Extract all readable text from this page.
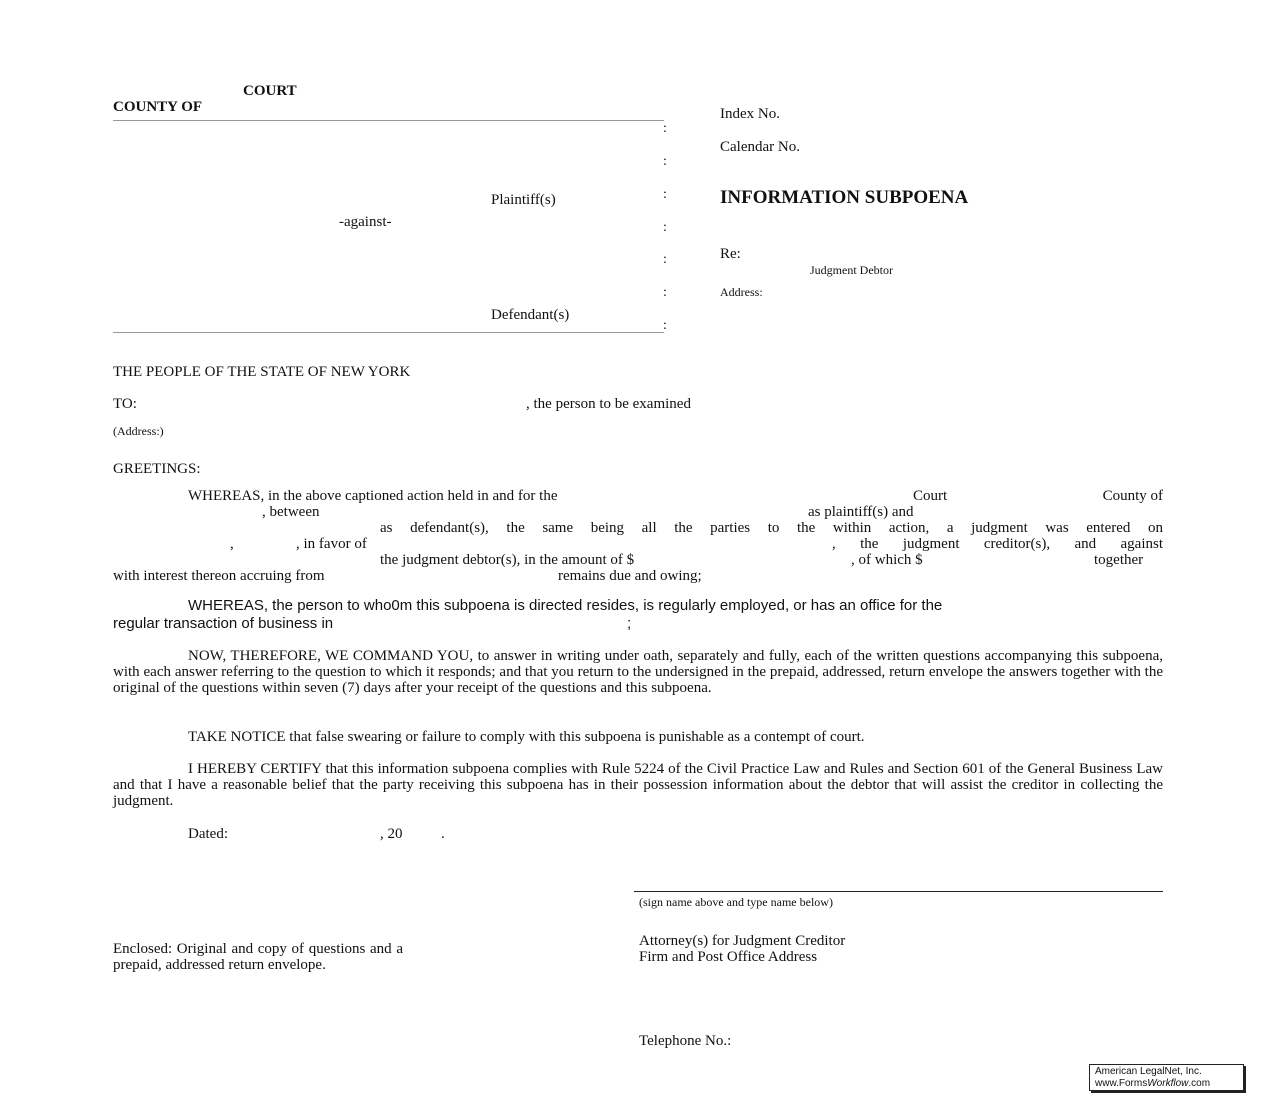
COURT
COUNTY OF
:
:
:
:
:
:
:
Plaintiff(s)
-against-
Defendant(s)
Index No.
Calendar No.
INFORMATION SUBPOENA
Re:
Judgment Debtor
Address:
THE PEOPLE OF THE STATE OF NEW YORK
TO:	, the person to be examined
(Address:)
GREETINGS:
WHEREAS, in the above captioned action held in and for the	Court	County of
, between	as plaintiff(s) and
as defendant(s), the same being all the parties to the within action, a judgment was entered on
,	, in favor of	, the judgment creditor(s), and against
the judgment debtor(s), in the amount of $	, of which $	together
with interest thereon accruing from	remains due and owing;
WHEREAS, the person to who0m this subpoena is directed resides, is regularly employed, or has an office for the
regular transaction of business in	;
NOW, THEREFORE, WE COMMAND YOU, to answer in writing under oath, separately and fully, each of the written questions accompanying this subpoena, with each answer referring to the question to which it responds; and that you return to the undersigned in the prepaid, addressed, return envelope the answers together with the original of the questions within seven (7) days after your receipt of the questions and this subpoena.
TAKE NOTICE that false swearing or failure to comply with this subpoena is punishable as a contempt of court.
I HEREBY CERTIFY that this information subpoena complies with Rule 5224 of the Civil Practice Law and Rules and Section 601 of the General Business Law and that I have a reasonable belief that the party receiving this subpoena has in their possession information about the debtor that will assist the creditor in collecting the judgment.
Dated:	, 20	.
(sign name above and type name below)
Attorney(s) for Judgment Creditor
Firm and Post Office Address
Telephone No.:
Enclosed: Original and copy of questions and a prepaid, addressed return envelope.
American LegalNet, Inc.
www.FormsWorkflow.com
